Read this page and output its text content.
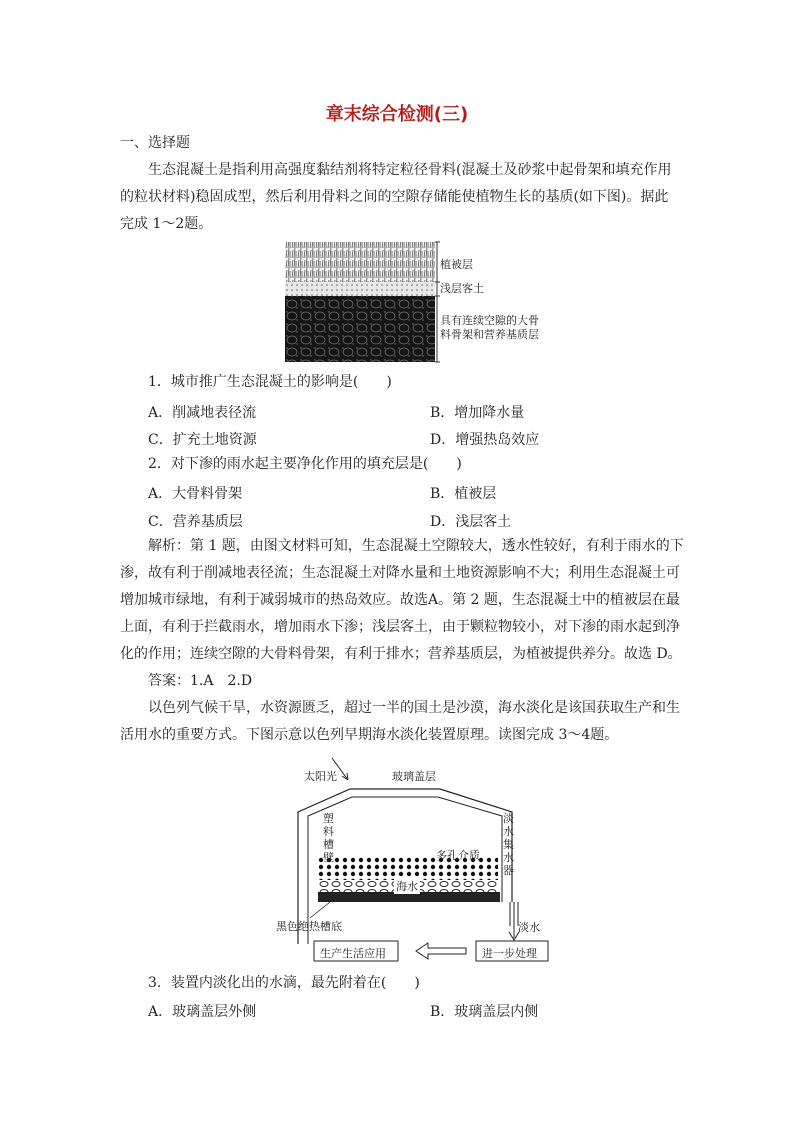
章末综合检测(三)
一、选择题

生态混凝土是指利用高强度黏结剂将特定粒径骨料(混凝土及砂浆中起骨架和填充作用

的粒状材料)稳固成型，然后利用骨料之间的空隙存储能使植物生长的基质(如下图)。据此

完成 1～2题。

植被层
浅层客土
具有连续空隙的大骨
料骨架和营养基质层
1．城市推广生态混凝土的影响是(　　)
A．削减地表径流	B．增加降水量
C．扩充土地资源	D．增强热岛效应
2．对下渗的雨水起主要净化作用的填充层是(　　)
A．大骨料骨架	B．植被层
C．营养基质层	D．浅层客土

解析：第 1 题，由图文材料可知，生态混凝土空隙较大，透水性较好，有利于雨水的下

渗，故有利于削减地表径流；生态混凝土对降水量和土地资源影响不大；利用生态混凝土可

增加城市绿地，有利于减弱城市的热岛效应。故选A。第 2 题，生态混凝土中的植被层在最

上面，有利于拦截雨水，增加雨水下渗；浅层客土，由于颗粒物较小，对下渗的雨水起到净

化的作用；连续空隙的大骨料骨架，有利于排水；营养基质层，为植被提供养分。故选 D。

答案：1.A　2.D

以色列气候干旱，水资源匮乏，超过一半的国土是沙漠，海水淡化是该国获取生产和生

活用水的重要方式。下图示意以色列早期海水淡化装置原理。读图完成 3～4题。

太阳光	玻璃盖层
塑料槽壁
淡水集水器
多孔介质
海水
黑色绝热槽底	淡水
进一步处理
生产生活应用
3．装置内淡化出的水滴，最先附着在(　　)
A．玻璃盖层外侧	B．玻璃盖层内侧
